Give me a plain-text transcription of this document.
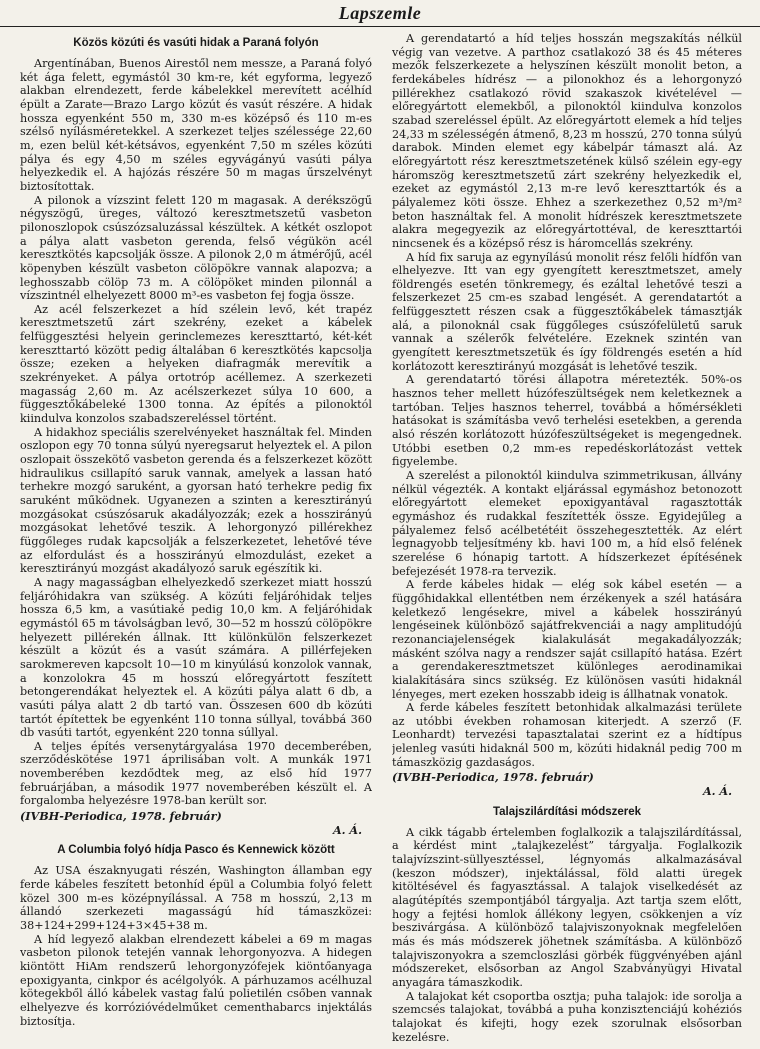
Lapszemle
Közös közúti és vasúti hidak a Paraná folyón

Argentínában, Buenos Airestől nem messze, a Paraná folyó két ága felett, egymástól 30 km-re, két egyforma, legyező alakban elrendezett, ferde kábelekkel merevített acélhíd épült a Zarate—Brazo Largo közút és vasút részére. A hidak hossza egyenként 550 m, 330 m-es középső és 110 m-es szélső nyílásméretekkel. A szerkezet teljes szélessége 22,60 m, ezen belül két-kétsávos, egyenként 7,50 m széles közúti pálya és egy 4,50 m széles egyvágányú vasúti pálya helyezkedik el. A hajózás részére 50 m magas űrszelvényt biztosítottak.

A pilonok a vízszint felett 120 m magasak. A derékszögű négyszögű, üreges, változó keresztmetszetű vasbeton pilonoszlopok csúszózsaluzással készültek. A kétkét oszlopot a pálya alatt vasbeton gerenda, felső végükön acél keresztkötés kapcsolják össze. A pilonok 2,0 m átmérőjű, acél köpenyben készült vasbeton cölöpökre vannak alapozva; a leghosszabb cölöp 73 m. A cölöpöket minden pilonnál a vízszintnél elhelyezett 8000 m³-es vasbeton fej fogja össze.

Az acél felszerkezet a híd szélein levő, két trapéz keresztmetszetű zárt szekrény, ezeket a kábelek felfüggesztési helyein gerinclemezes kereszttartó, két-két kereszttartó között pedig általában 6 keresztkötés kapcsolja össze; ezeken a helyeken diafragmák merevítik a szekrényeket. A pálya ortotróp acéllemez. A szerkezeti magasság 2,60 m. Az acélszerkezet súlya 10 600, a függesztőkábeleké 1300 tonna. Az építés a pilonoktól kiindulva konzolos szabadszereléssel történt.

A hidakhoz speciális szerelvényeket használtak fel. Minden oszlopon egy 70 tonna súlyú nyeregsarut helyeztek el. A pilon oszlopait összekötő vasbeton gerenda és a felszerkezet között hidraulikus csillapító saruk vannak, amelyek a lassan ható terhekre mozgó saruként, a gyorsan ható terhekre pedig fix saruként működnek. Ugyanezen a szinten a keresztirányú mozgásokat csúszósaruk akadályozzák; ezek a hosszirányú mozgásokat lehetővé teszik. A lehorgonyzó pillérekhez függőleges rudak kapcsolják a felszerkezetet, lehetővé téve az elfordulást és a hosszirányú elmozdulást, ezeket a keresztirányú mozgást akadályozó saruk egészítik ki.

A nagy magasságban elhelyezkedő szerkezet miatt hosszú feljáróhidakra van szükség. A közúti feljáróhidak teljes hossza 6,5 km, a vasútiaké pedig 10,0 km. A feljáróhidak egymástól 65 m távolságban levő, 30—52 m hosszú cölöpökre helyezett pillérekén állnak. Itt különkülön felszerkezet készült a közút és a vasút számára. A pillérfejeken sarokmereven kapcsolt 10—10 m kinyúlású konzolok vannak, a konzolokra 45 m hosszú előregyártott feszített betongerendákat helyeztek el. A közúti pálya alatt 6 db, a vasúti pálya alatt 2 db tartó van. Összesen 600 db közúti tartót építettek be egyenként 110 tonna súllyal, továbbá 360 db vasúti tartót, egyenként 220 tonna súllyal.

A teljes építés versenytárgyalása 1970 decemberében, szerződéskötése 1971 áprilisában volt. A munkák 1971 novemberében kezdődtek meg, az első híd 1977 februárjában, a második 1977 novemberében készült el. A forgalomba helyezésre 1978-ban került sor.

(IVBH-Periodica, 1978. február)

A. Á.

A Columbia folyó hídja Pasco és Kennewick között

Az USA északnyugati részén, Washington államban egy ferde kábeles feszített betonhíd épül a Columbia folyó felett közel 300 m-es középnyílással. A 758 m hosszú, 2,13 m állandó szerkezeti magasságú híd támaszközei: 38+124+299+124+3×45+38 m.

A híd legyező alakban elrendezett kábelei a 69 m magas vasbeton pilonok tetején vannak lehorgonyozva. A hidegen kiöntött HiAm rendszerű lehorgonyzófejek kiöntőanyaga epoxigyanta, cinkpor és acélgolyók. A párhuzamos acélhuzal kötegekből álló kábelek vastag falú polietilén csőben vannak elhelyezve és korrózióvédelműket cementhabarcs injektálás biztosítja.

A gerendatartó a híd teljes hosszán megszakítás nélkül végig van vezetve. A parthoz csatlakozó 38 és 45 méteres mezők felszerkezete a helyszínen készült monolit beton, a ferdekábeles hídrész — a pilonokhoz és a lehorgonyzó pillérekhez csatlakozó rövid szakaszok kivételével — előregyártott elemekből, a pilonoktól kiindulva konzolos szabad szereléssel épült. Az előregyártott elemek a híd teljes 24,33 m szélességén átmenő, 8,23 m hosszú, 270 tonna súlyú darabok. Minden elemet egy kábelpár támaszt alá. Az előregyártott rész keresztmetszetének külső szélein egy-egy háromszög keresztmetszetű zárt szekrény helyezkedik el, ezeket az egymástól 2,13 m-re levő kereszttartók és a pályalemez köti össze. Ehhez a szerkezethez 0,52 m³/m² beton használtak fel. A monolit hídrészek keresztmetszete alakra megegyezik az előregyártottéval, de kereszttartói nincsenek és a középső rész is háromcellás szekrény.

A híd fix saruja az egynyílású monolit rész felőli hídfőn van elhelyezve. Itt van egy gyengített keresztmetszet, amely földrengés esetén tönkremegy, és ezáltal lehetővé teszi a felszerkezet 25 cm-es szabad lengését. A gerendatartót a felfüggesztett részen csak a függesztőkábelek támasztják alá, a pilonoknál csak függőleges csúszófelületű saruk vannak a szélerők felvételére. Ezeknek szintén van gyengített keresztmetszetük és így földrengés esetén a híd korlátozott keresztirányú mozgását is lehetővé teszik.

A gerendatartó törési állapotra méretezték. 50%-os hasznos teher mellett húzófeszültségek nem keletkeznek a tartóban. Teljes hasznos teherrel, továbbá a hőmérsékleti hatásokat is számításba vevő terhelési esetekben, a gerenda alsó részén korlátozott húzófeszültségeket is megengednek. Utóbbi esetben 0,2 mm-es repedéskorlátozást vettek figyelembe.

A szerelést a pilonoktól kiindulva szimmetrikusan, állvány nélkül végezték. A kontakt eljárással egymáshoz betonozott előregyártott elemeket epoxigyantával ragasztották egymáshoz és rudakkal feszítették össze. Egyidejűleg a pályalemez felső acélbetétéit összehegesztették. Az elért legnagyobb teljesítmény kb. havi 100 m, a híd első felének szerelése 6 hónapig tartott. A hídszerkezet építésének befejezését 1978-ra tervezik.

A ferde kábeles hidak — elég sok kábel esetén — a függőhidakkal ellentétben nem érzékenyek a szél hatására keletkező lengésekre, mivel a kábelek hosszirányú lengéseinek különböző sajátfrekvenciái a nagy amplitudójú rezonanciajelenségek kialakulását megakadályozzák; másként szólva nagy a rendszer saját csillapító hatása. Ezért a gerendakeresztmetszet különleges aerodinamikai kialakítására sincs szükség. Ez különösen vasúti hidaknál lényeges, mert ezeken hosszabb ideig is állhatnak vonatok.

A ferde kábeles feszített betonhidak alkalmazási területe az utóbbi években rohamosan kiterjedt. A szerző (F. Leonhardt) tervezési tapasztalatai szerint ez a hídtípus jelenleg vasúti hidaknál 500 m, közúti hidaknál pedig 700 m támaszközig gazdaságos.

(IVBH-Periodica, 1978. február)

A. Á.

Talajszilárdítási módszerek

A cikk tágabb értelemben foglalkozik a talajszilárdítással, a kérdést mint „talajkezelést” tárgyalja. Foglalkozik talajvízszint-süllyesztéssel, légnyomás alkalmazásával (keszon módszer), injektálással, föld alatti üregek kitöltésével és fagyasztással. A talajok viselkedését az alagútépítés szempontjából tárgyalja. Azt tartja szem előtt, hogy a fejtési homlok állékony legyen, csökkenjen a víz beszivárgása. A különböző talajviszonyoknak megfelelően más és más módszerek jöhetnek számításba. A különböző talajviszonyokra a szemcloszlási görbék függvényében ajánl módszereket, elsősorban az Angol Szabványügyi Hivatal anyagára támaszkodik.

A talajokat két csoportba osztja; puha talajok: ide sorolja a szemcsés talajokat, továbbá a puha konzisztenciájú kohéziós talajokat és kifejti, hogy ezek szorulnak elsősorban kezelésre.
